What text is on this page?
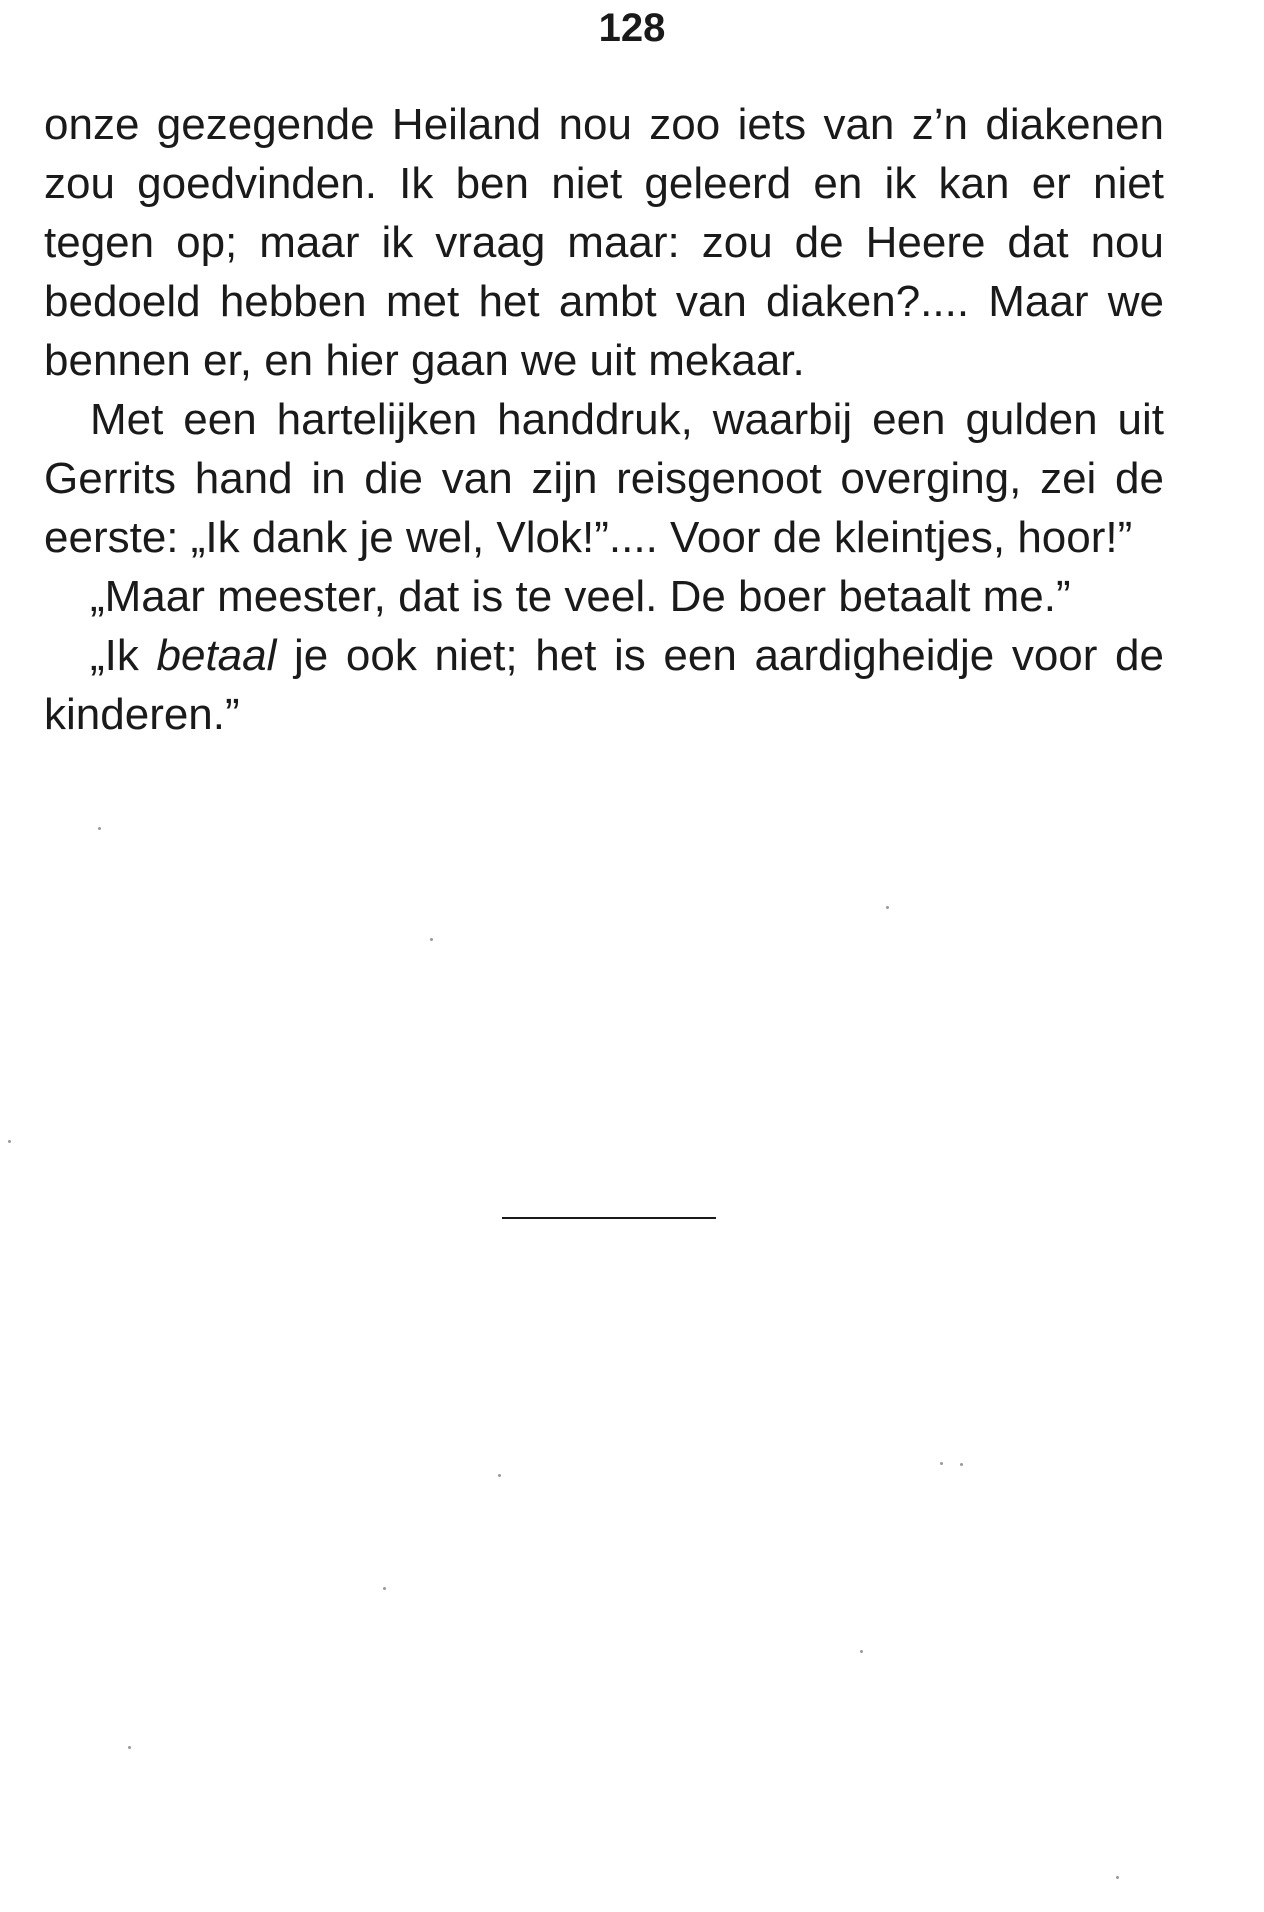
128

onze gezegende Heiland nou zoo iets van z’n diakenen zou goedvinden. Ik ben niet geleerd en ik kan er niet tegen op; maar ik vraag maar: zou de Heere dat nou bedoeld hebben met het ambt van diaken?.... Maar we bennen er, en hier gaan we uit mekaar.

Met een hartelijken handdruk, waarbij een gulden uit Gerrits hand in die van zijn reisgenoot overging, zei de eerste: „Ik dank je wel, Vlok!”.... Voor de kleintjes, hoor!”

„Maar meester, dat is te veel. De boer betaalt me.”

„Ik betaal je ook niet; het is een aardigheidje voor de kinderen.”
